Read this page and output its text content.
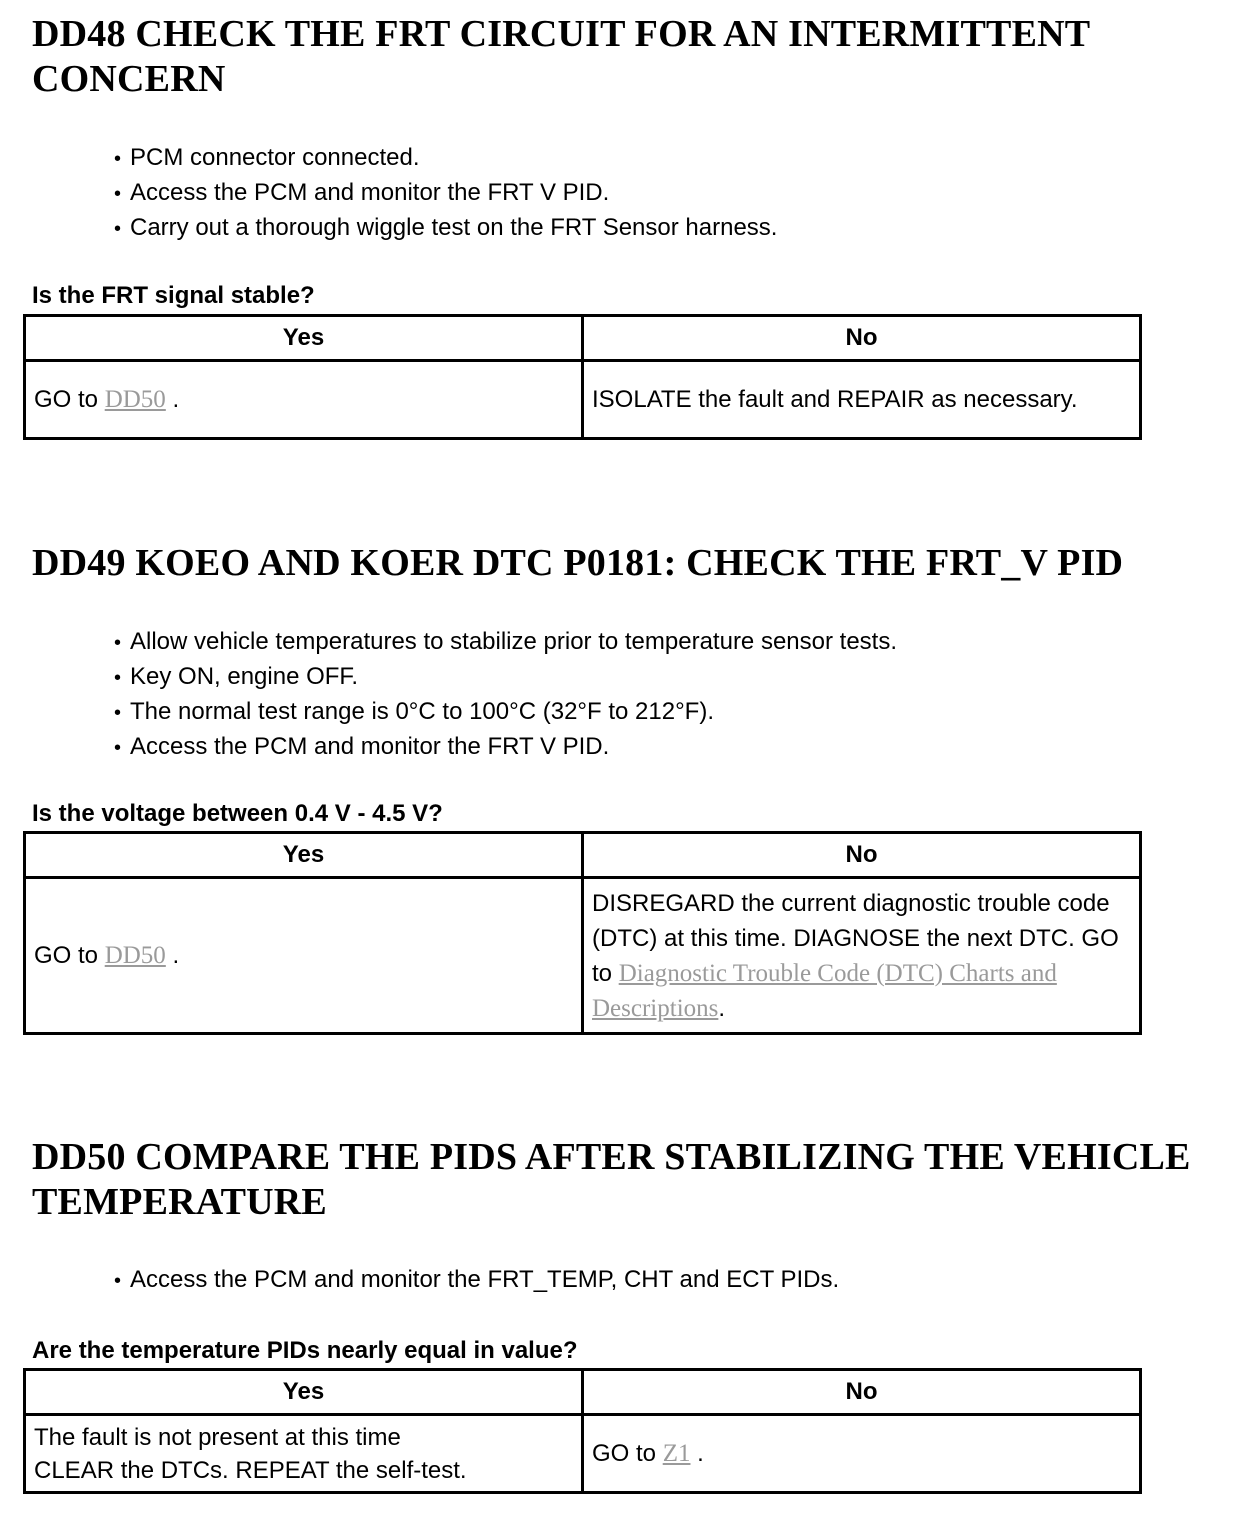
DD48 CHECK THE FRT CIRCUIT FOR AN INTERMITTENT CONCERN
• PCM connector connected.
• Access the PCM and monitor the FRT V PID.
• Carry out a thorough wiggle test on the FRT Sensor harness.

Is the FRT signal stable?

Yes	No
GO to DD50 .	ISOLATE the fault and REPAIR as necessary.
DD49 KOEO AND KOER DTC P0181: CHECK THE FRT_V PID
• Allow vehicle temperatures to stabilize prior to temperature sensor tests.
• Key ON, engine OFF.
• The normal test range is 0°C to 100°C (32°F to 212°F).
• Access the PCM and monitor the FRT V PID.

Is the voltage between 0.4 V - 4.5 V?

Yes	No
GO to DD50 .	DISREGARD the current diagnostic trouble code (DTC) at this time. DIAGNOSE the next DTC. GO to Diagnostic Trouble Code (DTC) Charts and Descriptions.
DD50 COMPARE THE PIDS AFTER STABILIZING THE VEHICLE TEMPERATURE
• Access the PCM and monitor the FRT_TEMP, CHT and ECT PIDs.

Are the temperature PIDs nearly equal in value?

Yes	No

The fault is not present at this time
CLEAR the DTCs. REPEAT the self-test.	GO to Z1 .
